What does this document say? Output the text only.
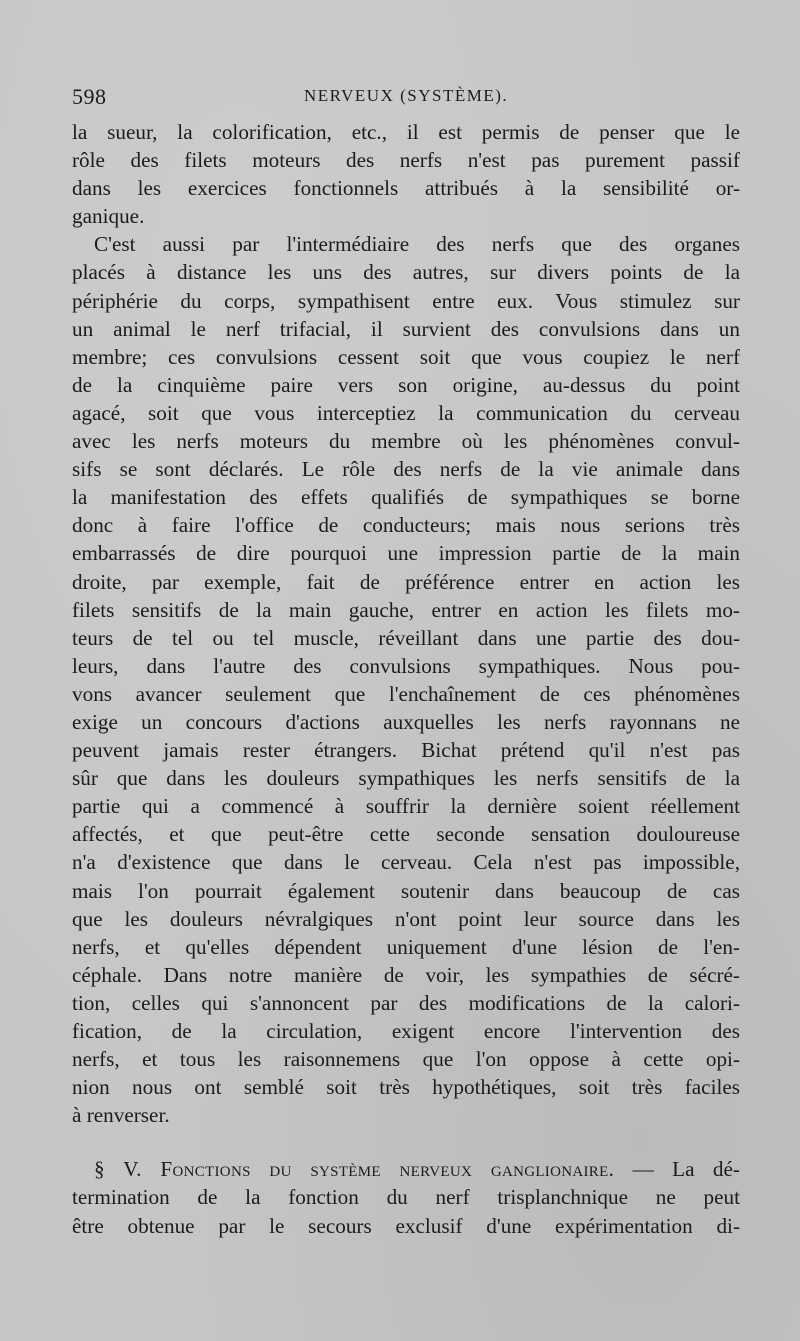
598	NERVEUX (SYSTÈME).
la sueur, la colorification, etc., il est permis de penser que le
rôle des filets moteurs des nerfs n'est pas purement passif
dans les exercices fonctionnels attribués à la sensibilité or-
ganique.
C'est aussi par l'intermédiaire des nerfs que des organes
placés à distance les uns des autres, sur divers points de la
périphérie du corps, sympathisent entre eux. Vous stimulez sur
un animal le nerf trifacial, il survient des convulsions dans un
membre; ces convulsions cessent soit que vous coupiez le nerf
de la cinquième paire vers son origine, au-dessus du point
agacé, soit que vous interceptiez la communication du cerveau
avec les nerfs moteurs du membre où les phénomènes convul-
sifs se sont déclarés. Le rôle des nerfs de la vie animale dans
la manifestation des effets qualifiés de sympathiques se borne
donc à faire l'office de conducteurs; mais nous serions très
embarrassés de dire pourquoi une impression partie de la main
droite, par exemple, fait de préférence entrer en action les
filets sensitifs de la main gauche, entrer en action les filets mo-
teurs de tel ou tel muscle, réveillant dans une partie des dou-
leurs, dans l'autre des convulsions sympathiques. Nous pou-
vons avancer seulement que l'enchaînement de ces phénomènes
exige un concours d'actions auxquelles les nerfs rayonnans ne
peuvent jamais rester étrangers. Bichat prétend qu'il n'est pas
sûr que dans les douleurs sympathiques les nerfs sensitifs de la
partie qui a commencé à souffrir la dernière soient réellement
affectés, et que peut-être cette seconde sensation douloureuse
n'a d'existence que dans le cerveau. Cela n'est pas impossible,
mais l'on pourrait également soutenir dans beaucoup de cas
que les douleurs névralgiques n'ont point leur source dans les
nerfs, et qu'elles dépendent uniquement d'une lésion de l'en-
céphale. Dans notre manière de voir, les sympathies de sécré-
tion, celles qui s'annoncent par des modifications de la calori-
fication, de la circulation, exigent encore l'intervention des
nerfs, et tous les raisonnemens que l'on oppose à cette opi-
nion nous ont semblé soit très hypothétiques, soit très faciles
à renverser.
§ V. Fonctions du système nerveux ganglionaire. — La dé-
termination de la fonction du nerf trisplanchnique ne peut
être obtenue par le secours exclusif d'une expérimentation di-
